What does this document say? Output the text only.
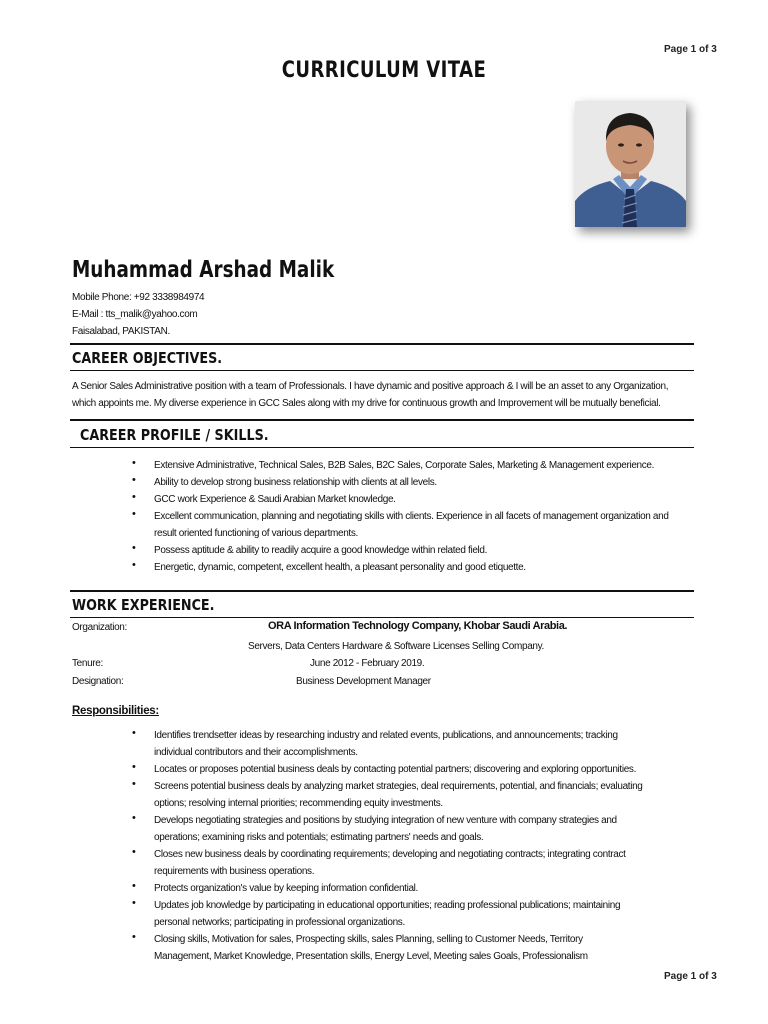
Page 1 of 3
Page 1 of 3
CURRICULUM VITAE
Muhammad Arshad Malik
Mobile Phone: +92 3338984974
E-Mail : tts_malik@yahoo.com
Faisalabad, PAKISTAN.
CAREER OBJECTIVES.
A Senior Sales Administrative position with a team of Professionals. I have dynamic and positive approach & I will be an asset to any Organization,
which appoints me. My diverse experience in GCC Sales along with my drive for continuous growth and Improvement will be mutually beneficial.
CAREER PROFILE / SKILLS.
• Extensive Administrative, Technical Sales, B2B Sales, B2C Sales, Corporate Sales, Marketing & Management experience.
• Ability to develop strong business relationship with clients at all levels.
• GCC work Experience & Saudi Arabian Market knowledge.
• Excellent communication, planning and negotiating skills with clients. Experience in all facets of management organization and
result oriented functioning of various departments.
• Possess aptitude & ability to readily acquire a good knowledge within related field.
• Energetic, dynamic, competent, excellent health, a pleasant personality and good etiquette.
WORK EXPERIENCE.
Organization:	ORA Information Technology Company, Khobar Saudi Arabia.
Servers, Data Centers Hardware & Software Licenses Selling Company.
Tenure:	June 2012 - February 2019.
Designation:	Business Development Manager
Responsibilities:
• Identifies trendsetter ideas by researching industry and related events, publications, and announcements; tracking
individual contributors and their accomplishments.
• Locates or proposes potential business deals by contacting potential partners; discovering and exploring opportunities.
• Screens potential business deals by analyzing market strategies, deal requirements, potential, and financials; evaluating
options; resolving internal priorities; recommending equity investments.
• Develops negotiating strategies and positions by studying integration of new venture with company strategies and
operations; examining risks and potentials; estimating partners' needs and goals.
• Closes new business deals by coordinating requirements; developing and negotiating contracts; integrating contract
requirements with business operations.
• Protects organization's value by keeping information confidential.
• Updates job knowledge by participating in educational opportunities; reading professional publications; maintaining
personal networks; participating in professional organizations.
• Closing skills, Motivation for sales, Prospecting skills, sales Planning, selling to Customer Needs, Territory
Management, Market Knowledge, Presentation skills, Energy Level, Meeting sales Goals, Professionalism
